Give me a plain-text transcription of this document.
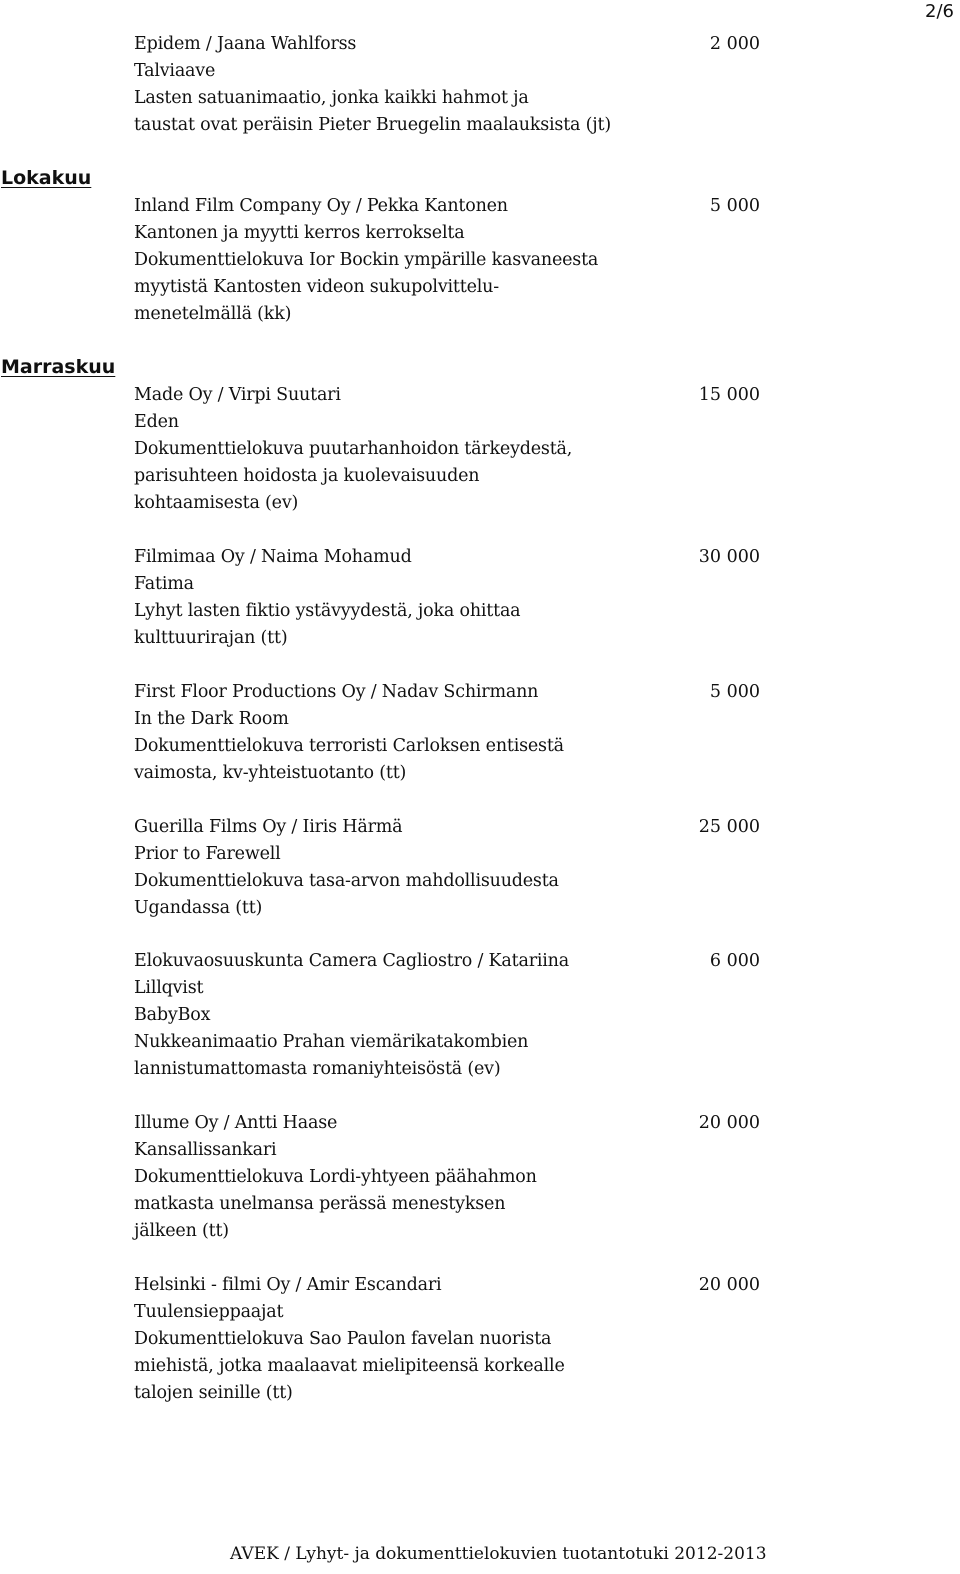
2/6
Epidem / Jaana Wahlforss
Talviaave
Lasten satuanimaatio, jonka kaikki hahmot ja
taustat ovat peräisin Pieter Bruegelin maalauksista (jt)
2 000
Lokakuu
Inland Film Company Oy / Pekka Kantonen
Kantonen ja myytti kerros kerrokselta
Dokumenttielokuva Ior Bockin ympärille kasvaneesta
myytistä Kantosten videon sukupolvittelu-
menetelmällä (kk)
5 000
Marraskuu
Made Oy / Virpi Suutari
Eden
Dokumenttielokuva puutarhanhoidon tärkeydestä,
parisuhteen hoidosta ja kuolevaisuuden
kohtaamisesta (ev)
15 000
Filmimaa Oy / Naima Mohamud
Fatima
Lyhyt lasten fiktio ystävyydestä, joka ohittaa
kulttuurirajan (tt)
30 000
First Floor Productions Oy / Nadav Schirmann
In the Dark Room
Dokumenttielokuva terroristi Carloksen entisestä
vaimosta, kv-yhteistuotanto (tt)
5 000
Guerilla Films Oy / Iiris Härmä
Prior to Farewell
Dokumenttielokuva tasa-arvon mahdollisuudesta
Ugandassa (tt)
25 000
Elokuvaosuuskunta Camera Cagliostro / Katariina
Lillqvist
BabyBox
Nukkeanimaatio Prahan viemärikatakombien
lannistumattomasta romaniyhteisöstä (ev)
6 000
Illume Oy / Antti Haase
Kansallissankari
Dokumenttielokuva Lordi-yhtyeen päähahmon
matkasta unelmansa perässä menestyksen
jälkeen (tt)
20 000
Helsinki - filmi Oy / Amir Escandari
Tuulensieppaajat
Dokumenttielokuva Sao Paulon favelan nuorista
miehistä, jotka maalaavat mielipiteensä korkealle
talojen seinille (tt)
20 000
AVEK / Lyhyt- ja dokumenttielokuvien tuotantotuki 2012-2013
